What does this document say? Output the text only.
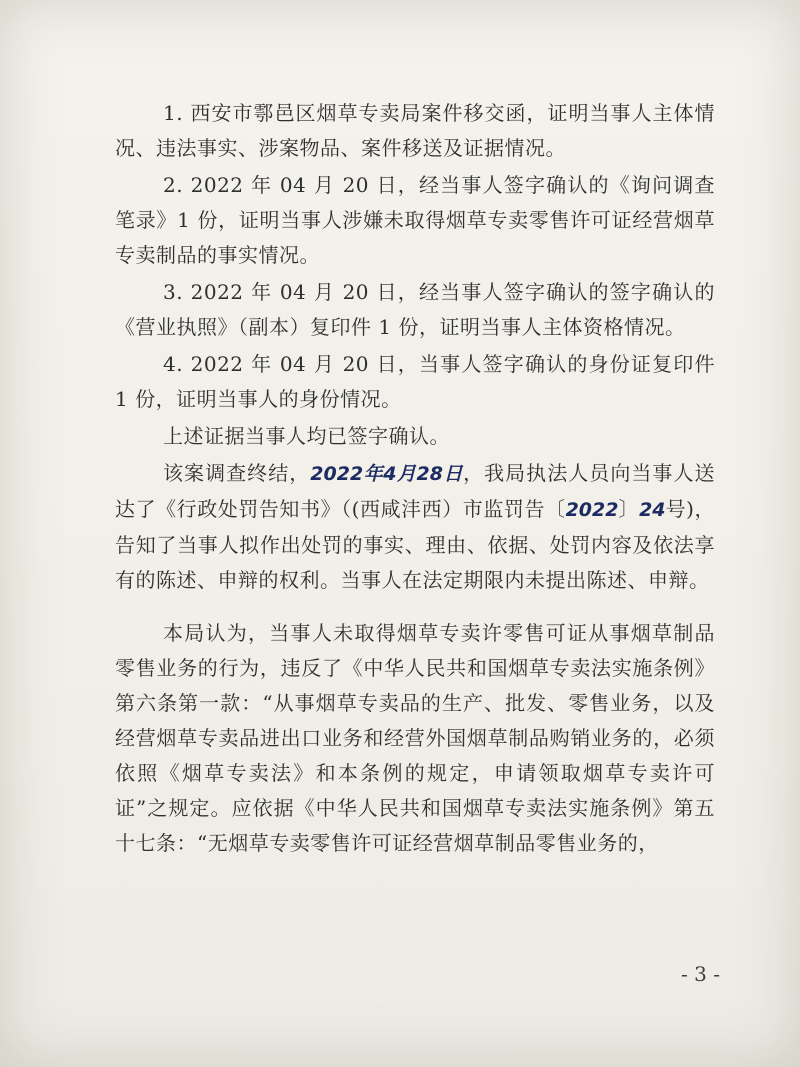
1. 西安市鄠邑区烟草专卖局案件移交函，证明当事人主体情况、违法事实、涉案物品、案件移送及证据情况。

2. 2022 年 04 月 20 日，经当事人签字确认的《询问调查笔录》1 份，证明当事人涉嫌未取得烟草专卖零售许可证经营烟草专卖制品的事实情况。

3. 2022 年 04 月 20 日，经当事人签字确认的签字确认的《营业执照》（副本）复印件 1 份，证明当事人主体资格情况。

4. 2022 年 04 月 20 日，当事人签字确认的身份证复印件 1 份，证明当事人的身份情况。

上述证据当事人均已签字确认。

该案调查终结，2022年4月28日，我局执法人员向当事人送达了《行政处罚告知书》（(西咸沣西）市监罚告〔2022〕24号)，告知了当事人拟作出处罚的事实、理由、依据、处罚内容及依法享有的陈述、申辩的权利。当事人在法定期限内未提出陈述、申辩。

本局认为，当事人未取得烟草专卖许零售可证从事烟草制品零售业务的行为，违反了《中华人民共和国烟草专卖法实施条例》第六条第一款：“从事烟草专卖品的生产、批发、零售业务，以及经营烟草专卖品进出口业务和经营外国烟草制品购销业务的，必须依照《烟草专卖法》和本条例的规定，申请领取烟草专卖许可证”之规定。应依据《中华人民共和国烟草专卖法实施条例》第五十七条：“无烟草专卖零售许可证经营烟草制品零售业务的，

- 3 -
